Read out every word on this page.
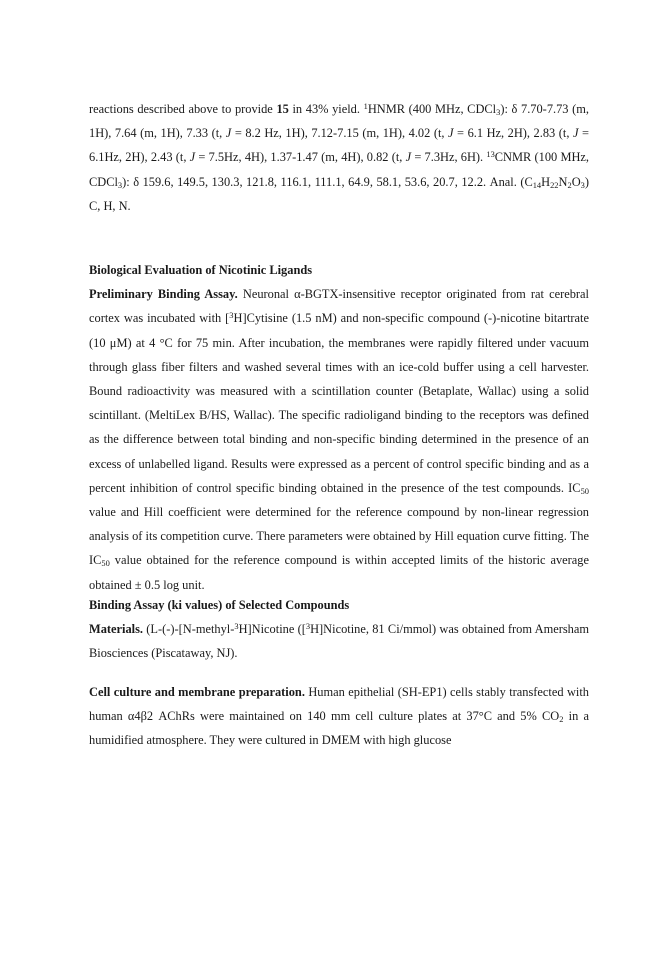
reactions described above to provide 15 in 43% yield. $^1$HNMR (400 MHz, CDCl$_3$): δ 7.70-7.73 (m, 1H), 7.64 (m, 1H), 7.33 (t, J = 8.2 Hz, 1H), 7.12-7.15 (m, 1H), 4.02 (t, J = 6.1 Hz, 2H), 2.83 (t, J = 6.1Hz, 2H), 2.43 (t, J = 7.5Hz, 4H), 1.37-1.47 (m, 4H), 0.82 (t, J = 7.3Hz, 6H). $^{13}$CNMR (100 MHz, CDCl$_3$): δ 159.6, 149.5, 130.3, 121.8, 116.1, 111.1, 64.9, 58.1, 53.6, 20.7, 12.2. Anal. $(C_{14}H_{22}N_2O_3)$ C, H, N.

Biological Evaluation of Nicotinic Ligands

Preliminary Binding Assay. Neuronal α-BGTX-insensitive receptor originated from rat cerebral cortex was incubated with [$^3$H]Cytisine (1.5 nM) and non-specific compound (-)-nicotine bitartrate (10 μM) at 4 °C for 75 min. After incubation, the membranes were rapidly filtered under vacuum through glass fiber filters and washed several times with an ice-cold buffer using a cell harvester. Bound radioactivity was measured with a scintillation counter (Betaplate, Wallac) using a solid scintillant. (MeltiLex B/HS, Wallac). The specific radioligand binding to the receptors was defined as the difference between total binding and non-specific binding determined in the presence of an excess of unlabelled ligand. Results were expressed as a percent of control specific binding and as a percent inhibition of control specific binding obtained in the presence of the test compounds. $IC_{50}$ value and Hill coefficient were determined for the reference compound by non-linear regression analysis of its competition curve. There parameters were obtained by Hill equation curve fitting. The $IC_{50}$ value obtained for the reference compound is within accepted limits of the historic average obtained ± 0.5 log unit.

Binding Assay (ki values) of Selected Compounds

Materials. (L-(-)-[N-methyl-$^3$H]Nicotine ([$^3$H]Nicotine, 81 Ci/mmol) was obtained from Amersham Biosciences (Piscataway, NJ).

Cell culture and membrane preparation. Human epithelial (SH-EP1) cells stably transfected with human α4β2 AChRs were maintained on 140 mm cell culture plates at 37°C and 5% $CO_2$ in a humidified atmosphere. They were cultured in DMEM with high glucose
